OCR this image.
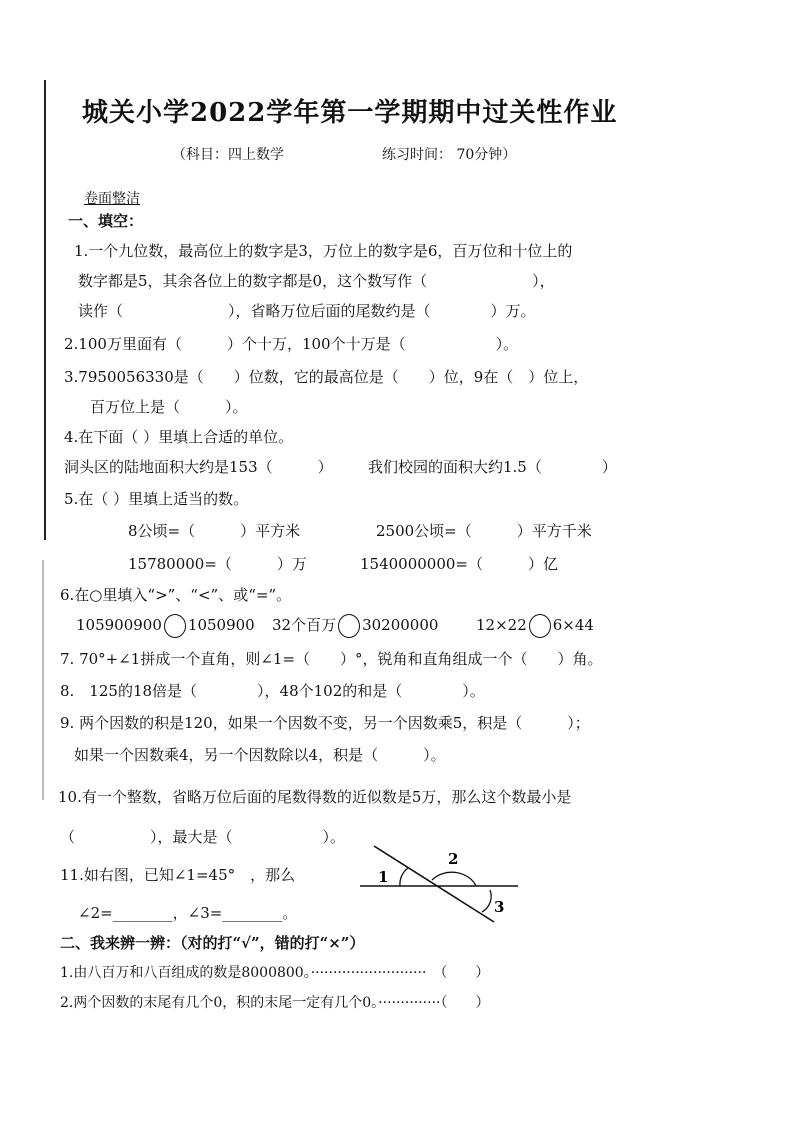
城关小学2022学年第一学期期中过关性作业
（科目：四上数学	练习时间： 70分钟）
卷面整洁
一、填空：
1.一个九位数，最高位上的数字是3，万位上的数字是6，百万位和十位上的
数字都是5，其余各位上的数字都是0，这个数写作（　　　　　　　），
读作（　　　　　　　），省略万位后面的尾数约是（　　　　）万。
2.100万里面有（　　　）个十万，100个十万是（　　　　　　）。
3.7950056330是（　　）位数，它的最高位是（　　）位，9在（　）位上，
百万位上是（　　　）。
4.在下面（ ）里填上合适的单位。
洞头区的陆地面积大约是153（　　　） 我们校园的面积大约1.5（　　　　）
5.在（ ）里填上适当的数。
8公顷=（　　　）平方米	2500公顷=（　　　）平方千米
15780000=（　　　）万	1540000000=（　　　）亿
6.在○里填入“>”、“<”、或“=”。
105900900 1050900 32个百万 30200000	12×22 6×44
7. 70°+∠1拼成一个直角，则∠1=（　　）°，锐角和直角组成一个（　　）角。
8.　125的18倍是（　　　　），48个102的和是（　　　　）。
9. 两个因数的积是120，如果一个因数不变，另一个因数乘5，积是（　　　）；
如果一个因数乘4，另一个因数除以4，积是（　　　）。
10.有一个整数，省略万位后面的尾数得数的近似数是5万，那么这个数最小是
（　　　　　），最大是（　　　　　　）。
11.如右图，已知∠1=45°　，那么
∠2=________，∠3=________。
1
2
3
二、我来辨一辨：（对的打“√”，错的打“×”）
1.由八百万和八百组成的数是8000800。··························　（　　）
2.两个因数的末尾有几个0，积的末尾一定有几个0。··············（　　）
